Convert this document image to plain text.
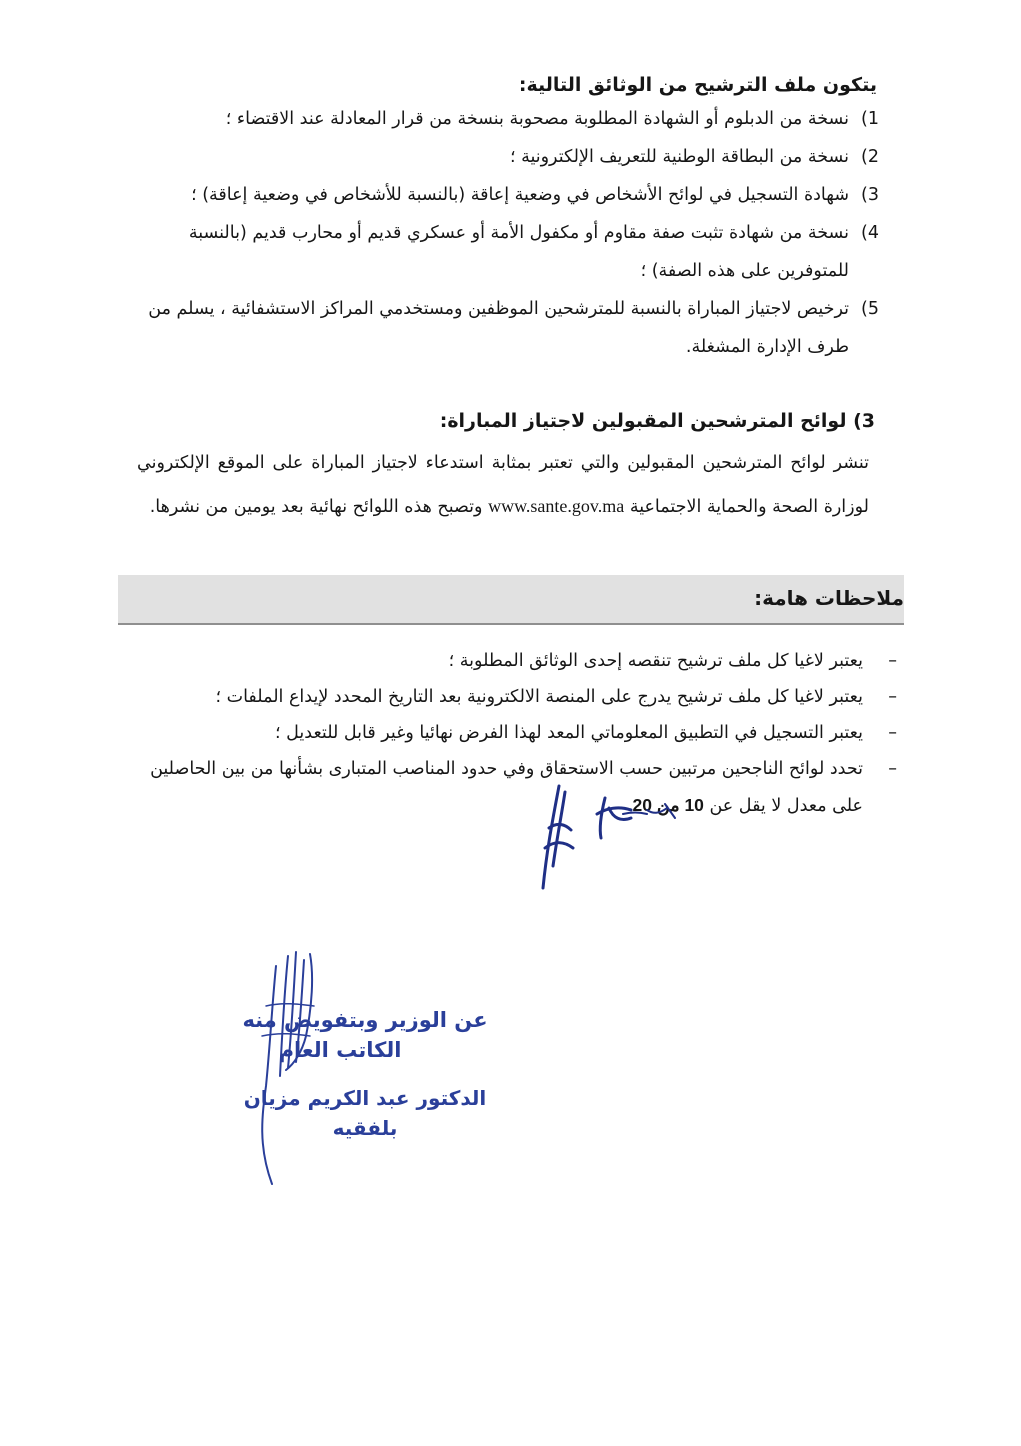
يتكون ملف الترشيح من الوثائق التالية:
1)
نسخة من الدبلوم أو الشهادة المطلوبة مصحوبة بنسخة من قرار المعادلة عند الاقتضاء ؛
2)
نسخة من البطاقة الوطنية للتعريف الإلكترونية ؛
3)
شهادة التسجيل في لوائح الأشخاص في وضعية إعاقة (بالنسبة للأشخاص في وضعية إعاقة) ؛
4)
نسخة من شهادة تثبت صفة مقاوم أو مكفول الأمة أو عسكري قديم أو محارب قديم (بالنسبة للمتوفرين على هذه الصفة) ؛
5)
ترخيص لاجتياز المباراة بالنسبة للمترشحين الموظفين ومستخدمي المراكز الاستشفائية ، يسلم من طرف الإدارة المشغلة.
3) لوائح المترشحين المقبولين لاجتياز المباراة:

تنشر لوائح المترشحين المقبولين والتي تعتبر بمثابة استدعاء لاجتياز المباراة على الموقع الإلكتروني لوزارة الصحة والحماية الاجتماعية www.sante.gov.ma وتصبح هذه اللوائح نهائية بعد يومين من نشرها.

ملاحظات هامة:
–
يعتبر لاغيا كل ملف ترشيح تنقصه إحدى الوثائق المطلوبة ؛
–
يعتبر لاغيا كل ملف ترشيح يدرج على المنصة الالكترونية بعد التاريخ المحدد لإيداع الملفات ؛
–
يعتبر التسجيل في التطبيق المعلوماتي المعد لهذا الفرض نهائيا وغير قابل للتعديل ؛
–
تحدد لوائح الناجحين مرتبين حسب الاستحقاق وفي حدود المناصب المتبارى بشأنها من بين الحاصلين على معدل لا يقل عن 10 من 20.
عن الوزير وبتفويض منه
الكاتب العام
الدكتور عبد الكريم مزيان بلفقيه
